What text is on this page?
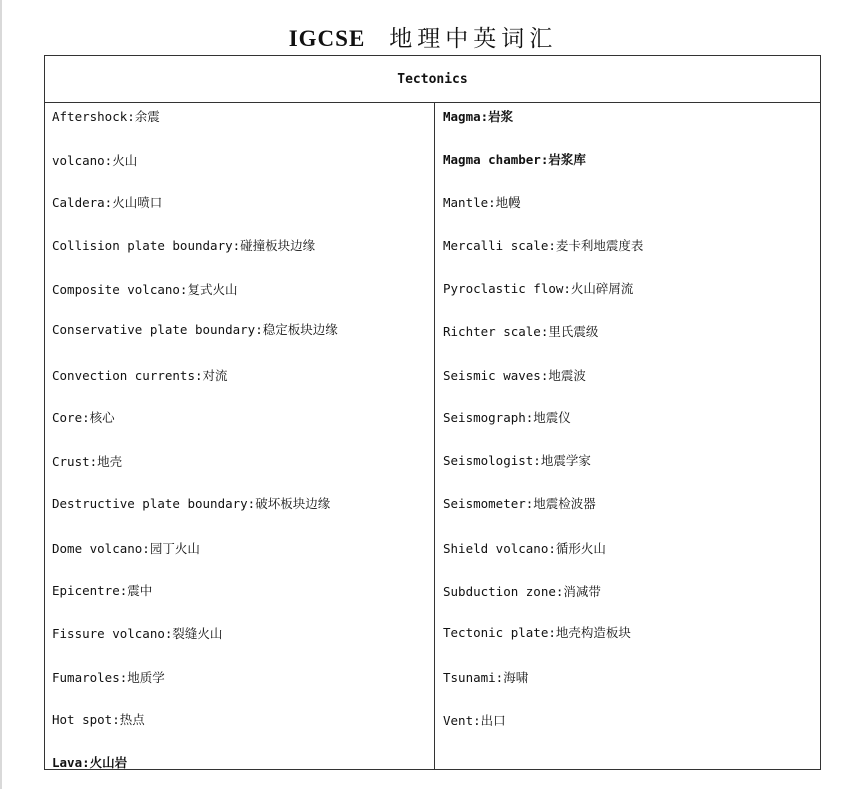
IGCSE 地理中英词汇
Tectonics
Aftershock:余震
volcano:火山
Caldera:火山喷口
Collision plate boundary:碰撞板块边缘
Composite volcano:复式火山
Conservative plate boundary:稳定板块边缘
Convection currents:对流
Core:核心
Crust:地壳
Destructive plate boundary:破坏板块边缘
Dome volcano:园丁火山
Epicentre:震中
Fissure volcano:裂缝火山
Fumaroles:地质学
Hot spot:热点
Lava:火山岩
Magma:岩浆
Magma chamber:岩浆库
Mantle:地幔
Mercalli scale:麦卡利地震度表
Pyroclastic flow:火山碎屑流
Richter scale:里氏震级
Seismic waves:地震波
Seismograph:地震仪
Seismologist:地震学家
Seismometer:地震检波器
Shield volcano:循形火山
Subduction zone:消减带
Tectonic plate:地壳构造板块
Tsunami:海啸
Vent:出口
